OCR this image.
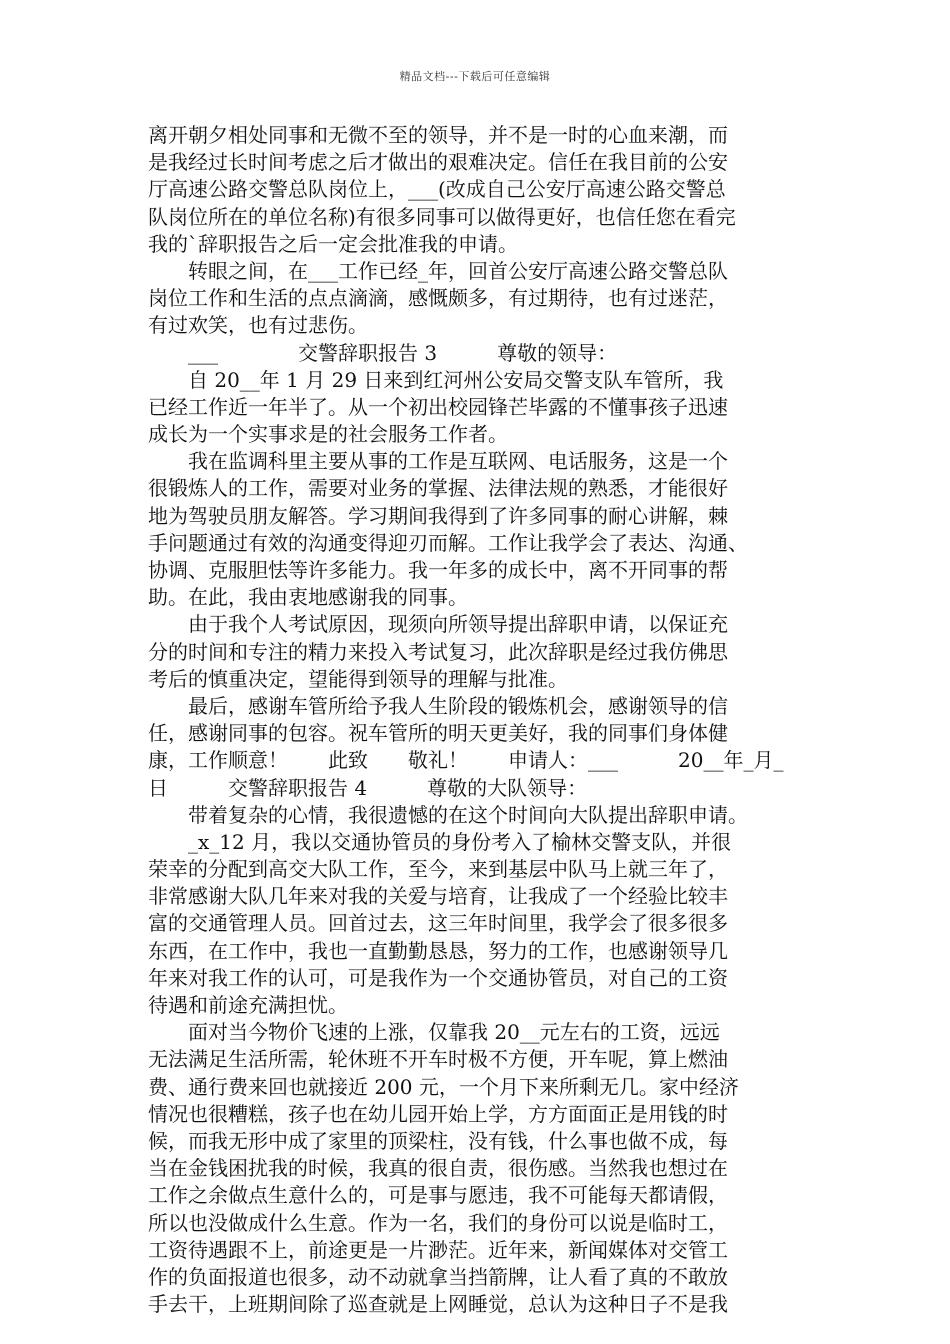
精品文档---下载后可任意编辑
离开朝夕相处同事和无微不至的领导，并不是一时的心血来潮，而
是我经过长时间考虑之后才做出的艰难决定。信任在我目前的公安
厅高速公路交警总队岗位上，___(改成自己公安厅高速公路交警总
队岗位所在的单位名称)有很多同事可以做得更好，也信任您在看完
我的`辞职报告之后一定会批准我的申请。
　　转眼之间，在___工作已经_年，回首公安厅高速公路交警总队
岗位工作和生活的点点滴滴，感慨颇多，有过期待，也有过迷茫，
有过欢笑，也有过悲伤。
　　___　　　　交警辞职报告 3　　　尊敬的领导：
　　自 20__年 1 月 29 日来到红河州公安局交警支队车管所，我
已经工作近一年半了。从一个初出校园锋芒毕露的不懂事孩子迅速
成长为一个实事求是的社会服务工作者。
　　我在监调科里主要从事的工作是互联网、电话服务，这是一个
很锻炼人的工作，需要对业务的掌握、法律法规的熟悉，才能很好
地为驾驶员朋友解答。学习期间我得到了许多同事的耐心讲解，棘
手问题通过有效的沟通变得迎刃而解。工作让我学会了表达、沟通、
协调、克服胆怯等许多能力。我一年多的成长中，离不开同事的帮
助。在此，我由衷地感谢我的同事。
　　由于我个人考试原因，现须向所领导提出辞职申请，以保证充
分的时间和专注的精力来投入考试复习，此次辞职是经过我仿佛思
考后的慎重决定，望能得到领导的理解与批准。
　　最后，感谢车管所给予我人生阶段的锻炼机会，感谢领导的信
任，感谢同事的包容。祝车管所的明天更美好，我的同事们身体健
康，工作顺意！　　此致　　敬礼！　　申请人：___　　　20__年_月_
日　　　交警辞职报告 4　　　尊敬的大队领导：
　　带着复杂的心情，我很遗憾的在这个时间向大队提出辞职申请。
　　_x_12 月，我以交通协管员的身份考入了榆林交警支队，并很
荣幸的分配到高交大队工作，至今，来到基层中队马上就三年了，
非常感谢大队几年来对我的关爱与培育，让我成了一个经验比较丰
富的交通管理人员。回首过去，这三年时间里，我学会了很多很多
东西，在工作中，我也一直勤勤恳恳，努力的工作，也感谢领导几
年来对我工作的认可，可是我作为一个交通协管员，对自己的工资
待遇和前途充满担忧。
　　面对当今物价飞速的上涨，仅靠我 20__元左右的工资，远远
无法满足生活所需，轮休班不开车时极不方便，开车呢，算上燃油
费、通行费来回也就接近 200 元，一个月下来所剩无几。家中经济
情况也很糟糕，孩子也在幼儿园开始上学，方方面面正是用钱的时
候，而我无形中成了家里的顶梁柱，没有钱，什么事也做不成，每
当在金钱困扰我的时候，我真的很自责，很伤感。当然我也想过在
工作之余做点生意什么的，可是事与愿违，我不可能每天都请假，
所以也没做成什么生意。作为一名，我们的身份可以说是临时工，
工资待遇跟不上，前途更是一片渺茫。近年来，新闻媒体对交管工
作的负面报道也很多，动不动就拿当挡箭牌，让人看了真的不敢放
手去干，上班期间除了巡查就是上网睡觉，总认为这种日子不是我
